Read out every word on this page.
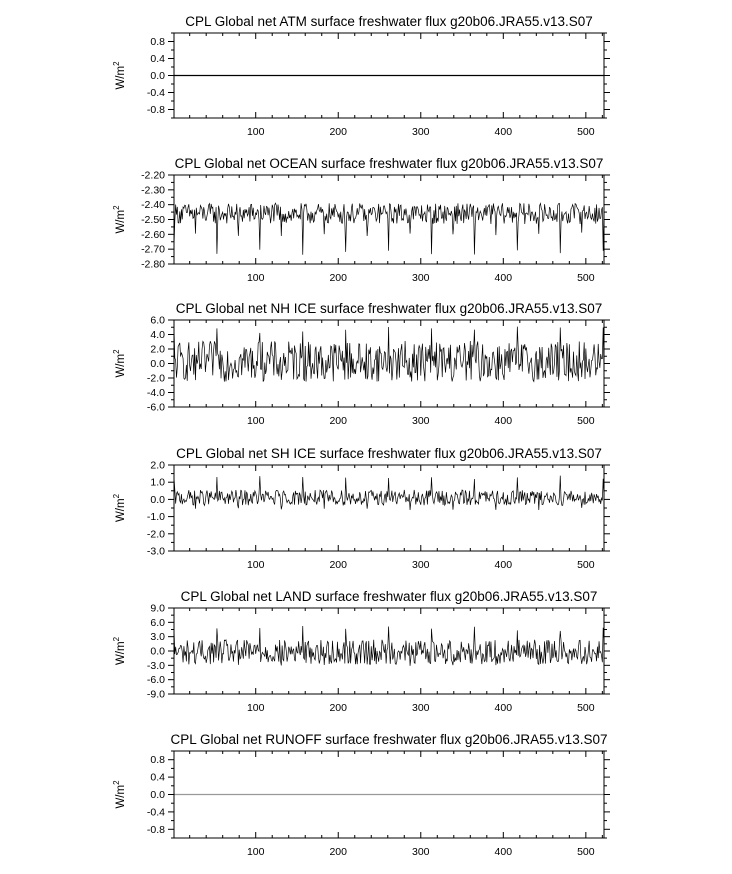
CPL Global net ATM surface freshwater flux g20b06.JRA55.v13.S07
$W/m^2$
100	200	300	400	500
-0.8
-0.4
0.0
0.4
0.8
CPL Global net OCEAN surface freshwater flux g20b06.JRA55.v13.S07
$W/m^2$
100	200	300	400	500
-2.80
-2.70
-2.60
-2.50
-2.40
-2.30
-2.20
CPL Global net NH ICE surface freshwater flux g20b06.JRA55.v13.S07
$W/m^2$
100	200	300	400	500
-6.0
-4.0
-2.0
0.0
2.0
4.0
6.0
CPL Global net SH ICE surface freshwater flux g20b06.JRA55.v13.S07
$W/m^2$
100	200	300	400	500
-3.0
-2.0
-1.0
0.0
1.0
2.0
CPL Global net LAND surface freshwater flux g20b06.JRA55.v13.S07
$W/m^2$
100	200	300	400	500
-9.0
-6.0
-3.0
0.0
3.0
6.0
9.0
CPL Global net RUNOFF surface freshwater flux g20b06.JRA55.v13.S07
$W/m^2$
100	200	300	400	500
-0.8
-0.4
0.0
0.4
0.8
